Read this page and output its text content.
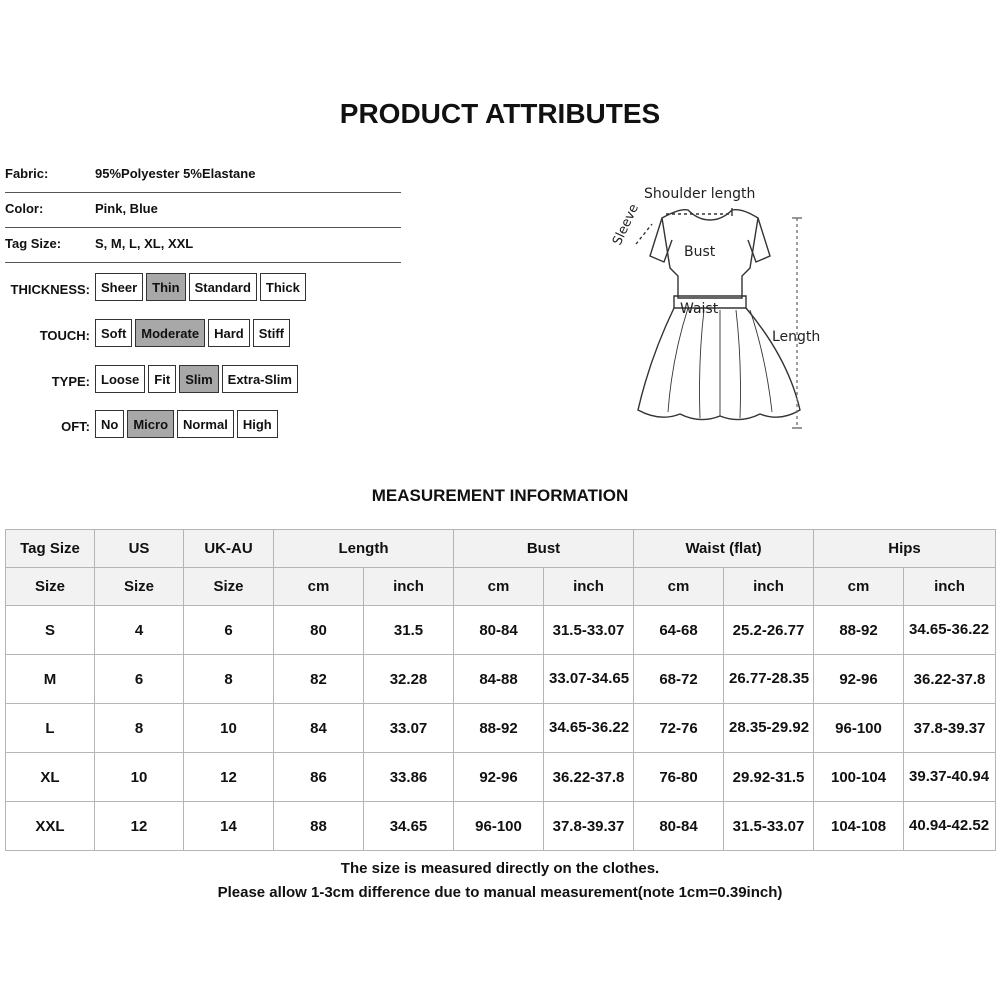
PRODUCT ATTRIBUTES
Fabric:	95%Polyester 5%Elastane
Color:	Pink, Blue
Tag Size:	S, M, L, XL, XXL
THICKNESS: Sheer	Thin	Standard	Thick
TOUCH: Soft	Moderate	Hard	Stiff
TYPE: Loose	Fit	Slim	Extra-Slim
OFT: No	Micro	Normal	High
Shoulder length
Sleeve
Bust
Waist
Length
MEASUREMENT INFORMATION
Tag Size	US	UK-AU	Length		Bust		Waist (flat)		Hips	
Size	Size	Size	cm	inch	cm	inch	cm	inch	cm	inch
S	4	6	80	31.5	80-84	31.5-33.07	64-68	25.2-26.77	88-92	34.65-36.22
M	6	8	82	32.28	84-88	33.07-34.65	68-72	26.77-28.35	92-96	36.22-37.8
L	8	10	84	33.07	88-92	34.65-36.22	72-76	28.35-29.92	96-100	37.8-39.37
XL	10	12	86	33.86	92-96	36.22-37.8	76-80	29.92-31.5	100-104	39.37-40.94
XXL	12	14	88	34.65	96-100	37.8-39.37	80-84	31.5-33.07	104-108	40.94-42.52
The size is measured directly on the clothes.
Please allow 1-3cm difference due to manual measurement(note 1cm=0.39inch)
